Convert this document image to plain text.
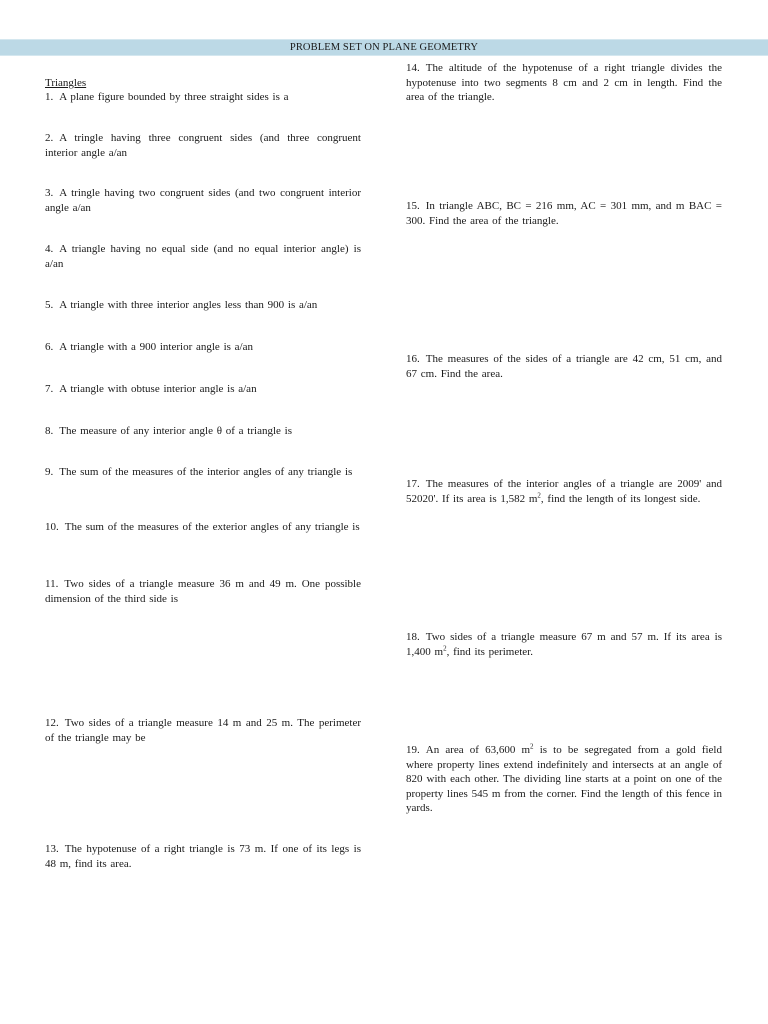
PROBLEM SET ON PLANE GEOMETRY
Triangles
1. A plane figure bounded by three straight sides is a
2. A tringle having three congruent sides (and three congruent interior angle a/an
3. A tringle having two congruent sides (and two congruent interior angle a/an
4. A triangle having no equal side (and no equal interior angle) is a/an
5. A triangle with three interior angles less than 900 is a/an
6. A triangle with a 900 interior angle is a/an
7. A triangle with obtuse interior angle is a/an
8. The measure of any interior angle θ of a triangle is
9. The sum of the measures of the interior angles of any triangle is
10. The sum of the measures of the exterior angles of any triangle is
11. Two sides of a triangle measure 36 m and 49 m. One possible dimension of the third side is
12. Two sides of a triangle measure 14 m and 25 m. The perimeter of the triangle may be
13. The hypotenuse of a right triangle is 73 m. If one of its legs is 48 m, find its area.
14. The altitude of the hypotenuse of a right triangle divides the hypotenuse into two segments 8 cm and 2 cm in length. Find the area of the triangle.
15. In triangle ABC, BC = 216 mm, AC = 301 mm, and m BAC = 300. Find the area of the triangle.
16. The measures of the sides of a triangle are 42 cm, 51 cm, and 67 cm. Find the area.
17. The measures of the interior angles of a triangle are 2009' and 52020'. If its area is 1,582 $m^2$, find the length of its longest side.
18. Two sides of a triangle measure 67 m and 57 m. If its area is 1,400 $m^2$, find its perimeter.
19. An area of 63,600 $m^2$ is to be segregated from a gold field where property lines extend indefinitely and intersects at an angle of 820 with each other. The dividing line starts at a point on one of the property lines 545 m from the corner. Find the length of this fence in yards.
